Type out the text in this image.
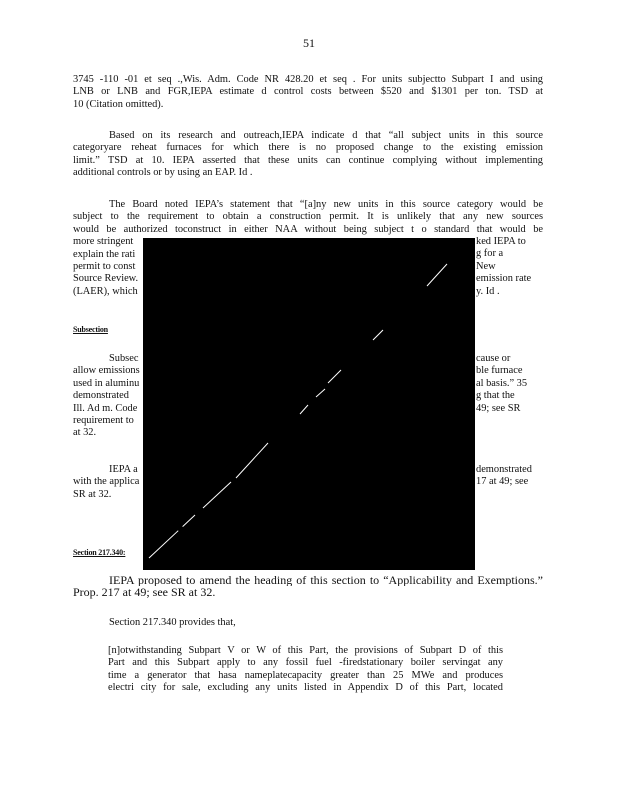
51
3745 -110 -01 et seq .,Wis. Adm. Code NR 428.20 et seq . For units subjectto Subpart I and using
LNB or LNB and FGR,IEPA estimate d control costs between $520 and $1301 per ton. TSD at
10 (Citation omitted).
Based on its research and outreach,IEPA indicate d that “all subject units in this source
categoryare reheat furnaces for which there is no proposed change to the existing emission
limit.” TSD at 10. IEPA asserted that these units can continue complying without implementing
additional controls or by using an EAP. Id .
The Board noted IEPA’s statement that “[a]ny new units in this source category would be
subject to the requirement to obtain a construction permit. It is unlikely that any new sources
would be authorized toconstruct in either NAA without being subject t o standard that would be
more stringent
explain the rati
permit to const
Source Review.
(LAER), which
ked IEPA to
g for a
New
emission rate
y. Id .
Subsection
Subsec
allow emissions
used in aluminu
demonstrated
Ill. Ad m. Code
requirement to
at 32.
cause or
ble furnace
al basis.” 35
g that the
49; see SR
IEPA a
with the applica
SR at 32.
demonstrated
17 at 49; see
Section 217.340:
IEPA proposed to amend the heading of this section to “Applicability and Exemptions.”
Prop. 217 at 49; see SR at 32.
Section 217.340 provides that,
[n]otwithstanding Subpart V or W of this Part, the provisions of Subpart D of this
Part and this Subpart apply to any fossil fuel -firedstationary boiler servingat any
time a generator that hasa nameplatecapacity greater than 25 MWe and produces
electri city for sale, excluding any units listed in Appendix D of this Part, located
